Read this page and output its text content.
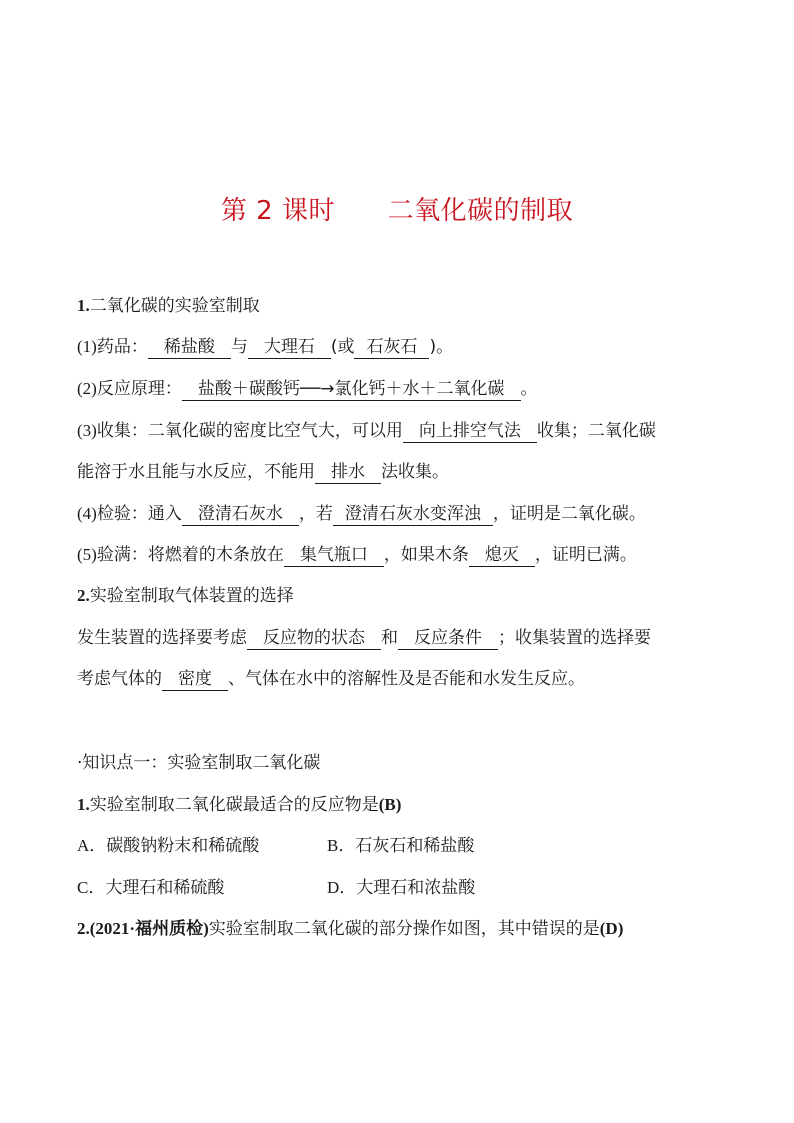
第 2 课时      二氧化碳的制取
1.二氧化碳的实验室制取
(1)药品： 稀盐酸 与 大理石 (或 石灰石 )。
(2)反应原理： 盐酸＋碳酸钙──→氯化钙＋水＋二氧化碳 。
(3)收集：二氧化碳的密度比空气大，可以用 向上排空气法 收集；二氧化碳
能溶于水且能与水反应，不能用 排水 法收集。
(4)检验：通入 澄清石灰水 ，若 澄清石灰水变浑浊 ，证明是二氧化碳。
(5)验满：将燃着的木条放在 集气瓶口 ，如果木条 熄灭 ，证明已满。
2.实验室制取气体装置的选择
发生装置的选择要考虑 反应物的状态 和 反应条件 ；收集装置的选择要
考虑气体的 密度 、气体在水中的溶解性及是否能和水发生反应。
·知识点一：实验室制取二氧化碳
1.实验室制取二氧化碳最适合的反应物是(B)
A．碳酸钠粉末和稀硫酸	B．石灰石和稀盐酸
C．大理石和稀硫酸	D．大理石和浓盐酸
2.(2021·福州质检)实验室制取二氧化碳的部分操作如图，其中错误的是(D)
